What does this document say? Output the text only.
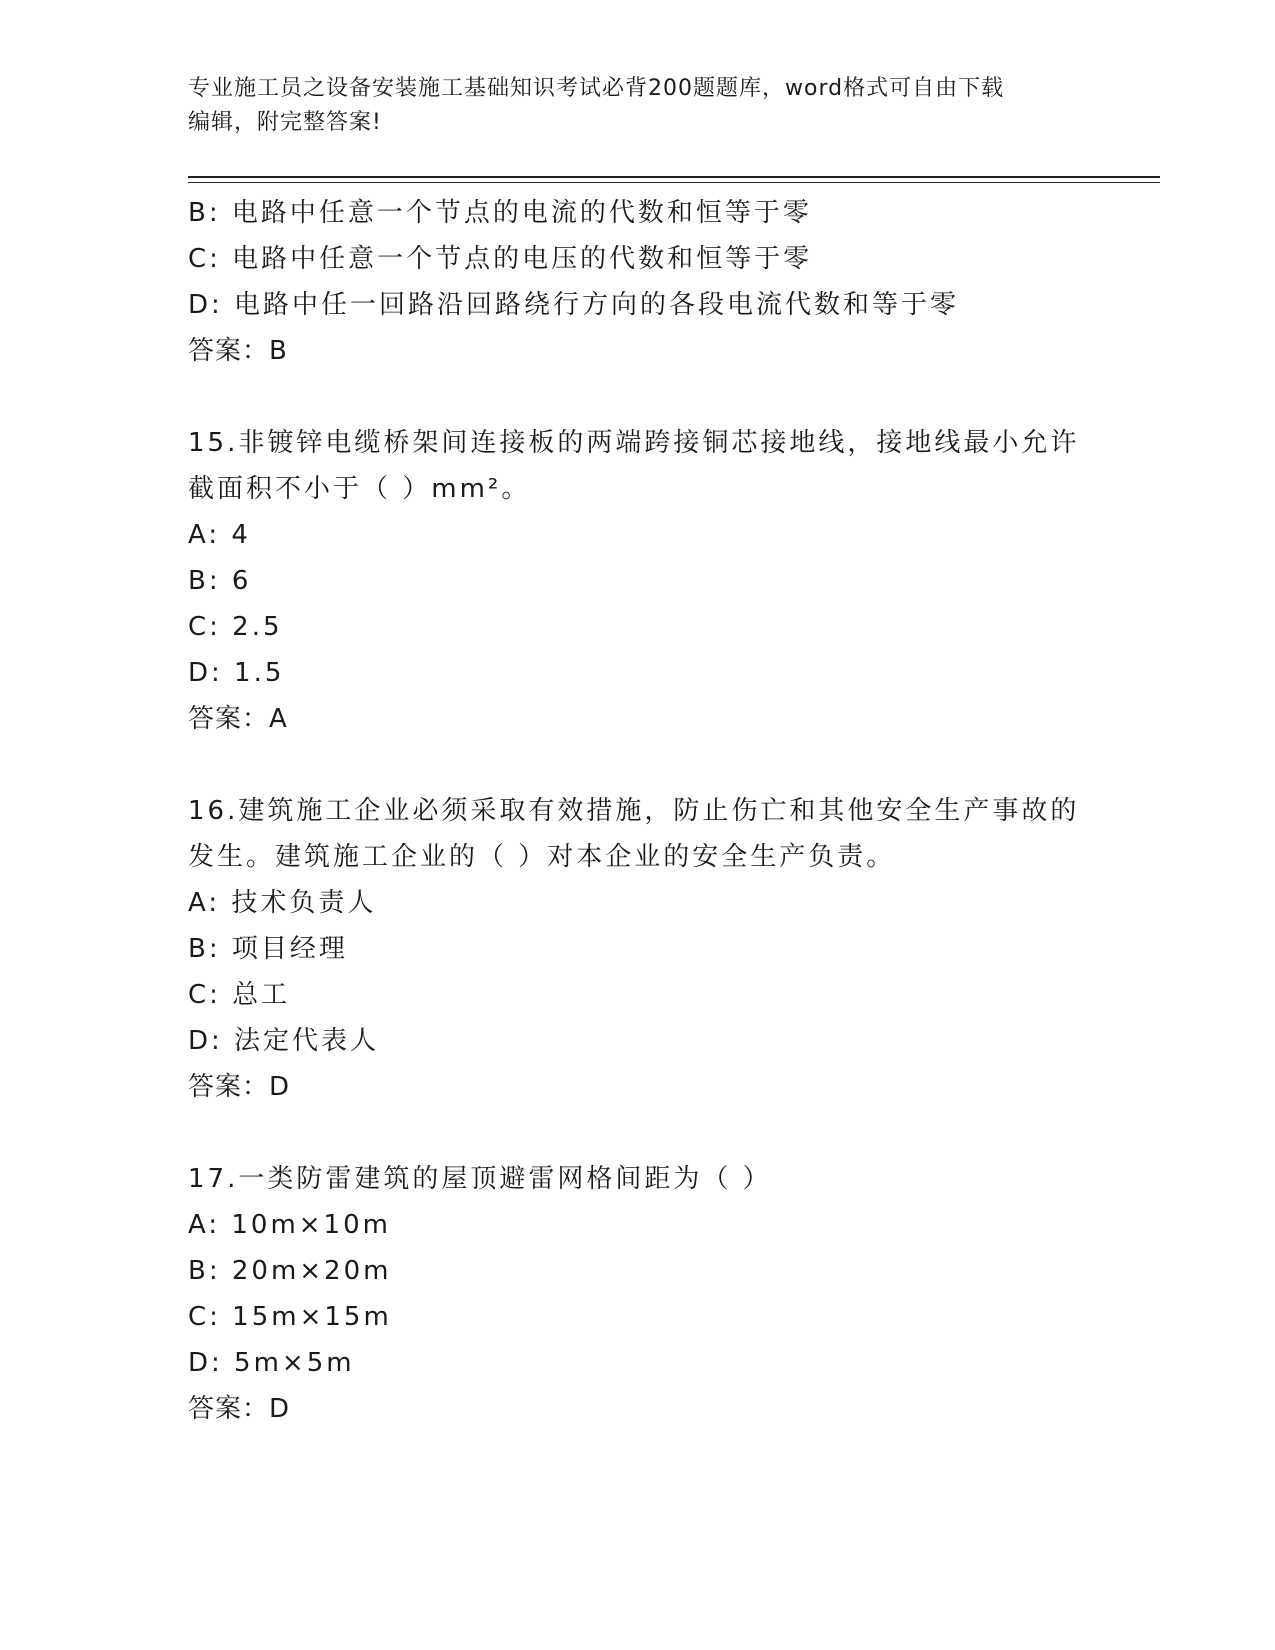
专业施工员之设备安装施工基础知识考试必背200题题库，word格式可自由下载
编辑，附完整答案!
B: 电路中任意一个节点的电流的代数和恒等于零
C: 电路中任意一个节点的电压的代数和恒等于零
D: 电路中任一回路沿回路绕行方向的各段电流代数和等于零
答案：B
15.非镀锌电缆桥架间连接板的两端跨接铜芯接地线，接地线最小允许
截面积不小于（ ）mm²。
A: 4
B: 6
C: 2.5
D: 1.5
答案：A
16.建筑施工企业必须采取有效措施，防止伤亡和其他安全生产事故的
发生。建筑施工企业的（ ）对本企业的安全生产负责。
A: 技术负责人
B: 项目经理
C: 总工
D: 法定代表人
答案：D
17.一类防雷建筑的屋顶避雷网格间距为（ ）
A: 10m×10m
B: 20m×20m
C: 15m×15m
D: 5m×5m
答案：D
